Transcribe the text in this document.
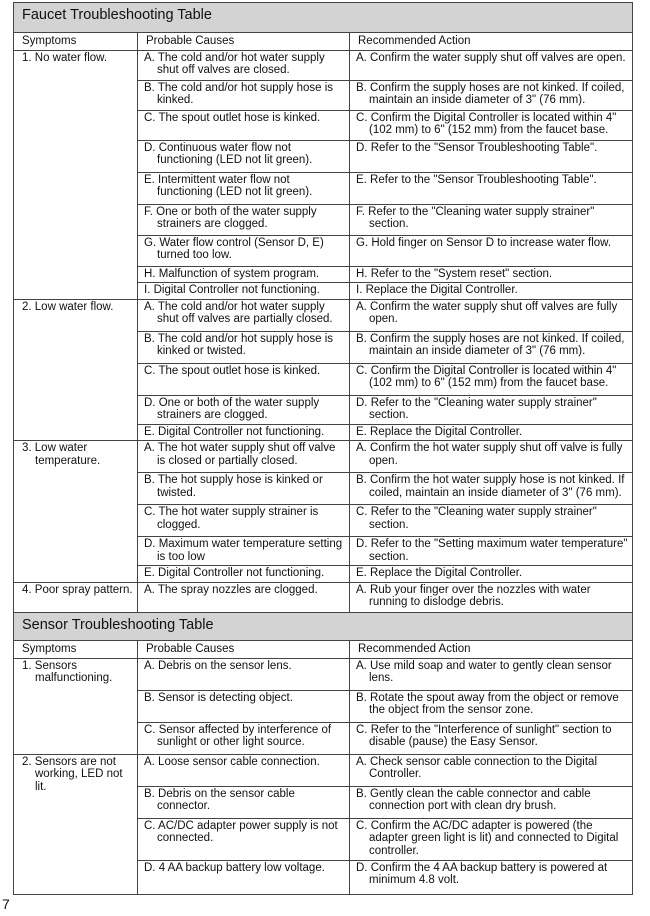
Faucet Troubleshooting Table		
Symptoms	Probable Causes	Recommended Action

1. No water flow.	A. The cold and/or hot water supply shut off valves are closed.	A. Confirm the water supply shut off valves are open.

	B. The cold and/or hot supply hose is kinked.	B. Confirm the supply hoses are not kinked. If coiled, maintain an inside diameter of 3" (76 mm).

	C. The spout outlet hose is kinked.	C. Confirm the Digital Controller is located within 4" (102 mm) to 6" (152 mm) from the faucet base.

	D. Continuous water flow not functioning (LED not lit green).	D. Refer to the "Sensor Troubleshooting Table".

	E. Intermittent water flow not functioning (LED not lit green).	E. Refer to the "Sensor Troubleshooting Table".

	F. One or both of the water supply strainers are clogged.	F. Refer to the "Cleaning water supply strainer" section.

	G. Water flow control (Sensor D, E) turned too low.	G. Hold finger on Sensor D to increase water flow.

	H. Malfunction of system program.	H. Refer to the "System reset" section.

	I. Digital Controller not functioning.	I. Replace the Digital Controller.

2. Low water flow.	A. The cold and/or hot water supply shut off valves are partially closed.	A. Confirm the water supply shut off valves are fully open.

	B. The cold and/or hot supply hose is kinked or twisted.	B. Confirm the supply hoses are not kinked. If coiled, maintain an inside diameter of 3" (76 mm).

	C. The spout outlet hose is kinked.	C. Confirm the Digital Controller is located within 4" (102 mm) to 6" (152 mm) from the faucet base.

	D. One or both of the water supply strainers are clogged.	D. Refer to the "Cleaning water supply strainer" section.

	E. Digital Controller not functioning.	E. Replace the Digital Controller.

3. Low water temperature.	A. The hot water supply shut off valve is closed or partially closed.	A. Confirm the hot water supply shut off valve is fully open.

	B. The hot supply hose is kinked or twisted.	B. Confirm the hot water supply hose is not kinked. If coiled, maintain an inside diameter of 3" (76 mm).

	C. The hot water supply strainer is clogged.	C. Refer to the "Cleaning water supply strainer" section.

	D. Maximum water temperature setting is too low	D. Refer to the "Setting maximum water temperature" section.

	E. Digital Controller not functioning.	E. Replace the Digital Controller.

4. Poor spray pattern.	A. The spray nozzles are clogged.	A. Rub your finger over the nozzles with water running to dislodge debris.
Sensor Troubleshooting Table		
Symptoms	Probable Causes	Recommended Action

1. Sensors malfunctioning.	A. Debris on the sensor lens.	A. Use mild soap and water to gently clean sensor lens.

	B. Sensor is detecting object.	B. Rotate the spout away from the object or remove the object from the sensor zone.

	C. Sensor affected by interference of sunlight or other light source.	C. Refer to the "Interference of sunlight" section to disable (pause) the Easy Sensor.

2. Sensors are not working, LED not lit.	A. Loose sensor cable connection.	A. Check sensor cable connection to the Digital Controller.

	B. Debris on the sensor cable connector.	B. Gently clean the cable connector and cable connection port with clean dry brush.

	C. AC/DC adapter power supply is not connected.	C. Confirm the AC/DC adapter is powered (the adapter green light is lit) and connected to Digital controller.

	D. 4 AA backup battery low voltage.	D. Confirm the 4 AA backup battery is powered at minimum 4.8 volt.
7
